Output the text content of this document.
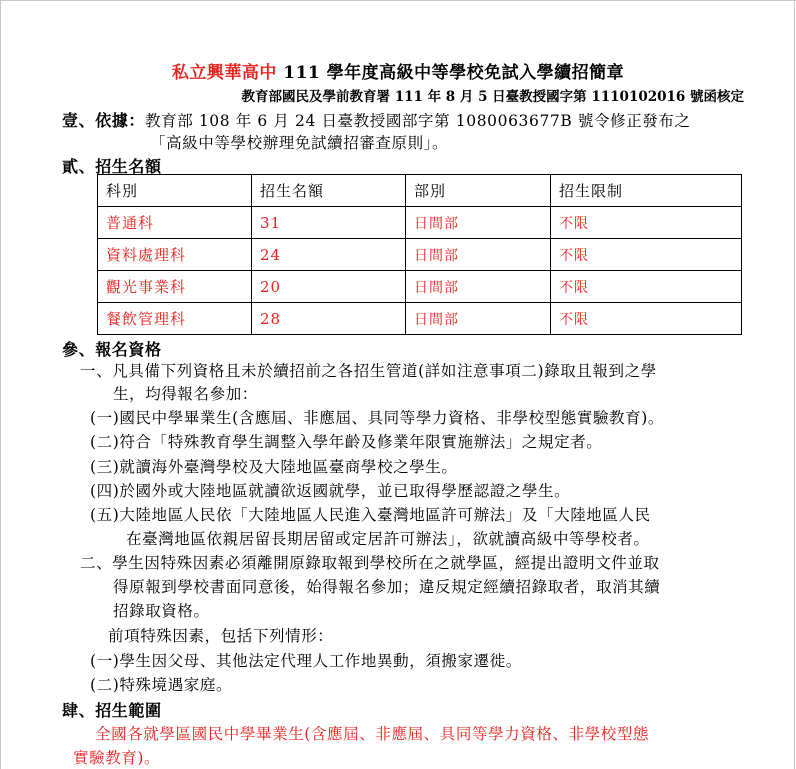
私立興華高中 111 學年度高級中等學校免試入學續招簡章
教育部國民及學前教育署 111 年 8 月 5 日臺教授國字第 1110102016 號函核定
壹、依據：教育部 108 年 6 月 24 日臺教授國部字第 1080063677B 號令修正發布之
「高級中等學校辦理免試續招審查原則」。
貳、招生名額
科別	招生名額	部別	招生限制
普通科	31	日間部	不限
資料處理科	24	日間部	不限
觀光事業科	20	日間部	不限
餐飲管理科	28	日間部	不限
參、報名資格
一、凡具備下列資格且未於續招前之各招生管道(詳如注意事項二)錄取且報到之學
生，均得報名參加：
(一)國民中學畢業生(含應屆、非應屆、具同等學力資格、非學校型態實驗教育)。
(二)符合「特殊教育學生調整入學年齡及修業年限實施辦法」之規定者。
(三)就讀海外臺灣學校及大陸地區臺商學校之學生。
(四)於國外或大陸地區就讀欲返國就學，並已取得學歷認證之學生。
(五)大陸地區人民依「大陸地區人民進入臺灣地區許可辦法」及「大陸地區人民
在臺灣地區依親居留長期居留或定居許可辦法」，欲就讀高級中等學校者。
二、學生因特殊因素必須離開原錄取報到學校所在之就學區，經提出證明文件並取
得原報到學校書面同意後，始得報名參加；違反規定經續招錄取者，取消其續
招錄取資格。
前項特殊因素，包括下列情形：
(一)學生因父母、其他法定代理人工作地異動，須搬家遷徙。
(二)特殊境遇家庭。
肆、招生範圍
全國各就學區國民中學畢業生(含應屆、非應屆、具同等學力資格、非學校型態
實驗教育)。
